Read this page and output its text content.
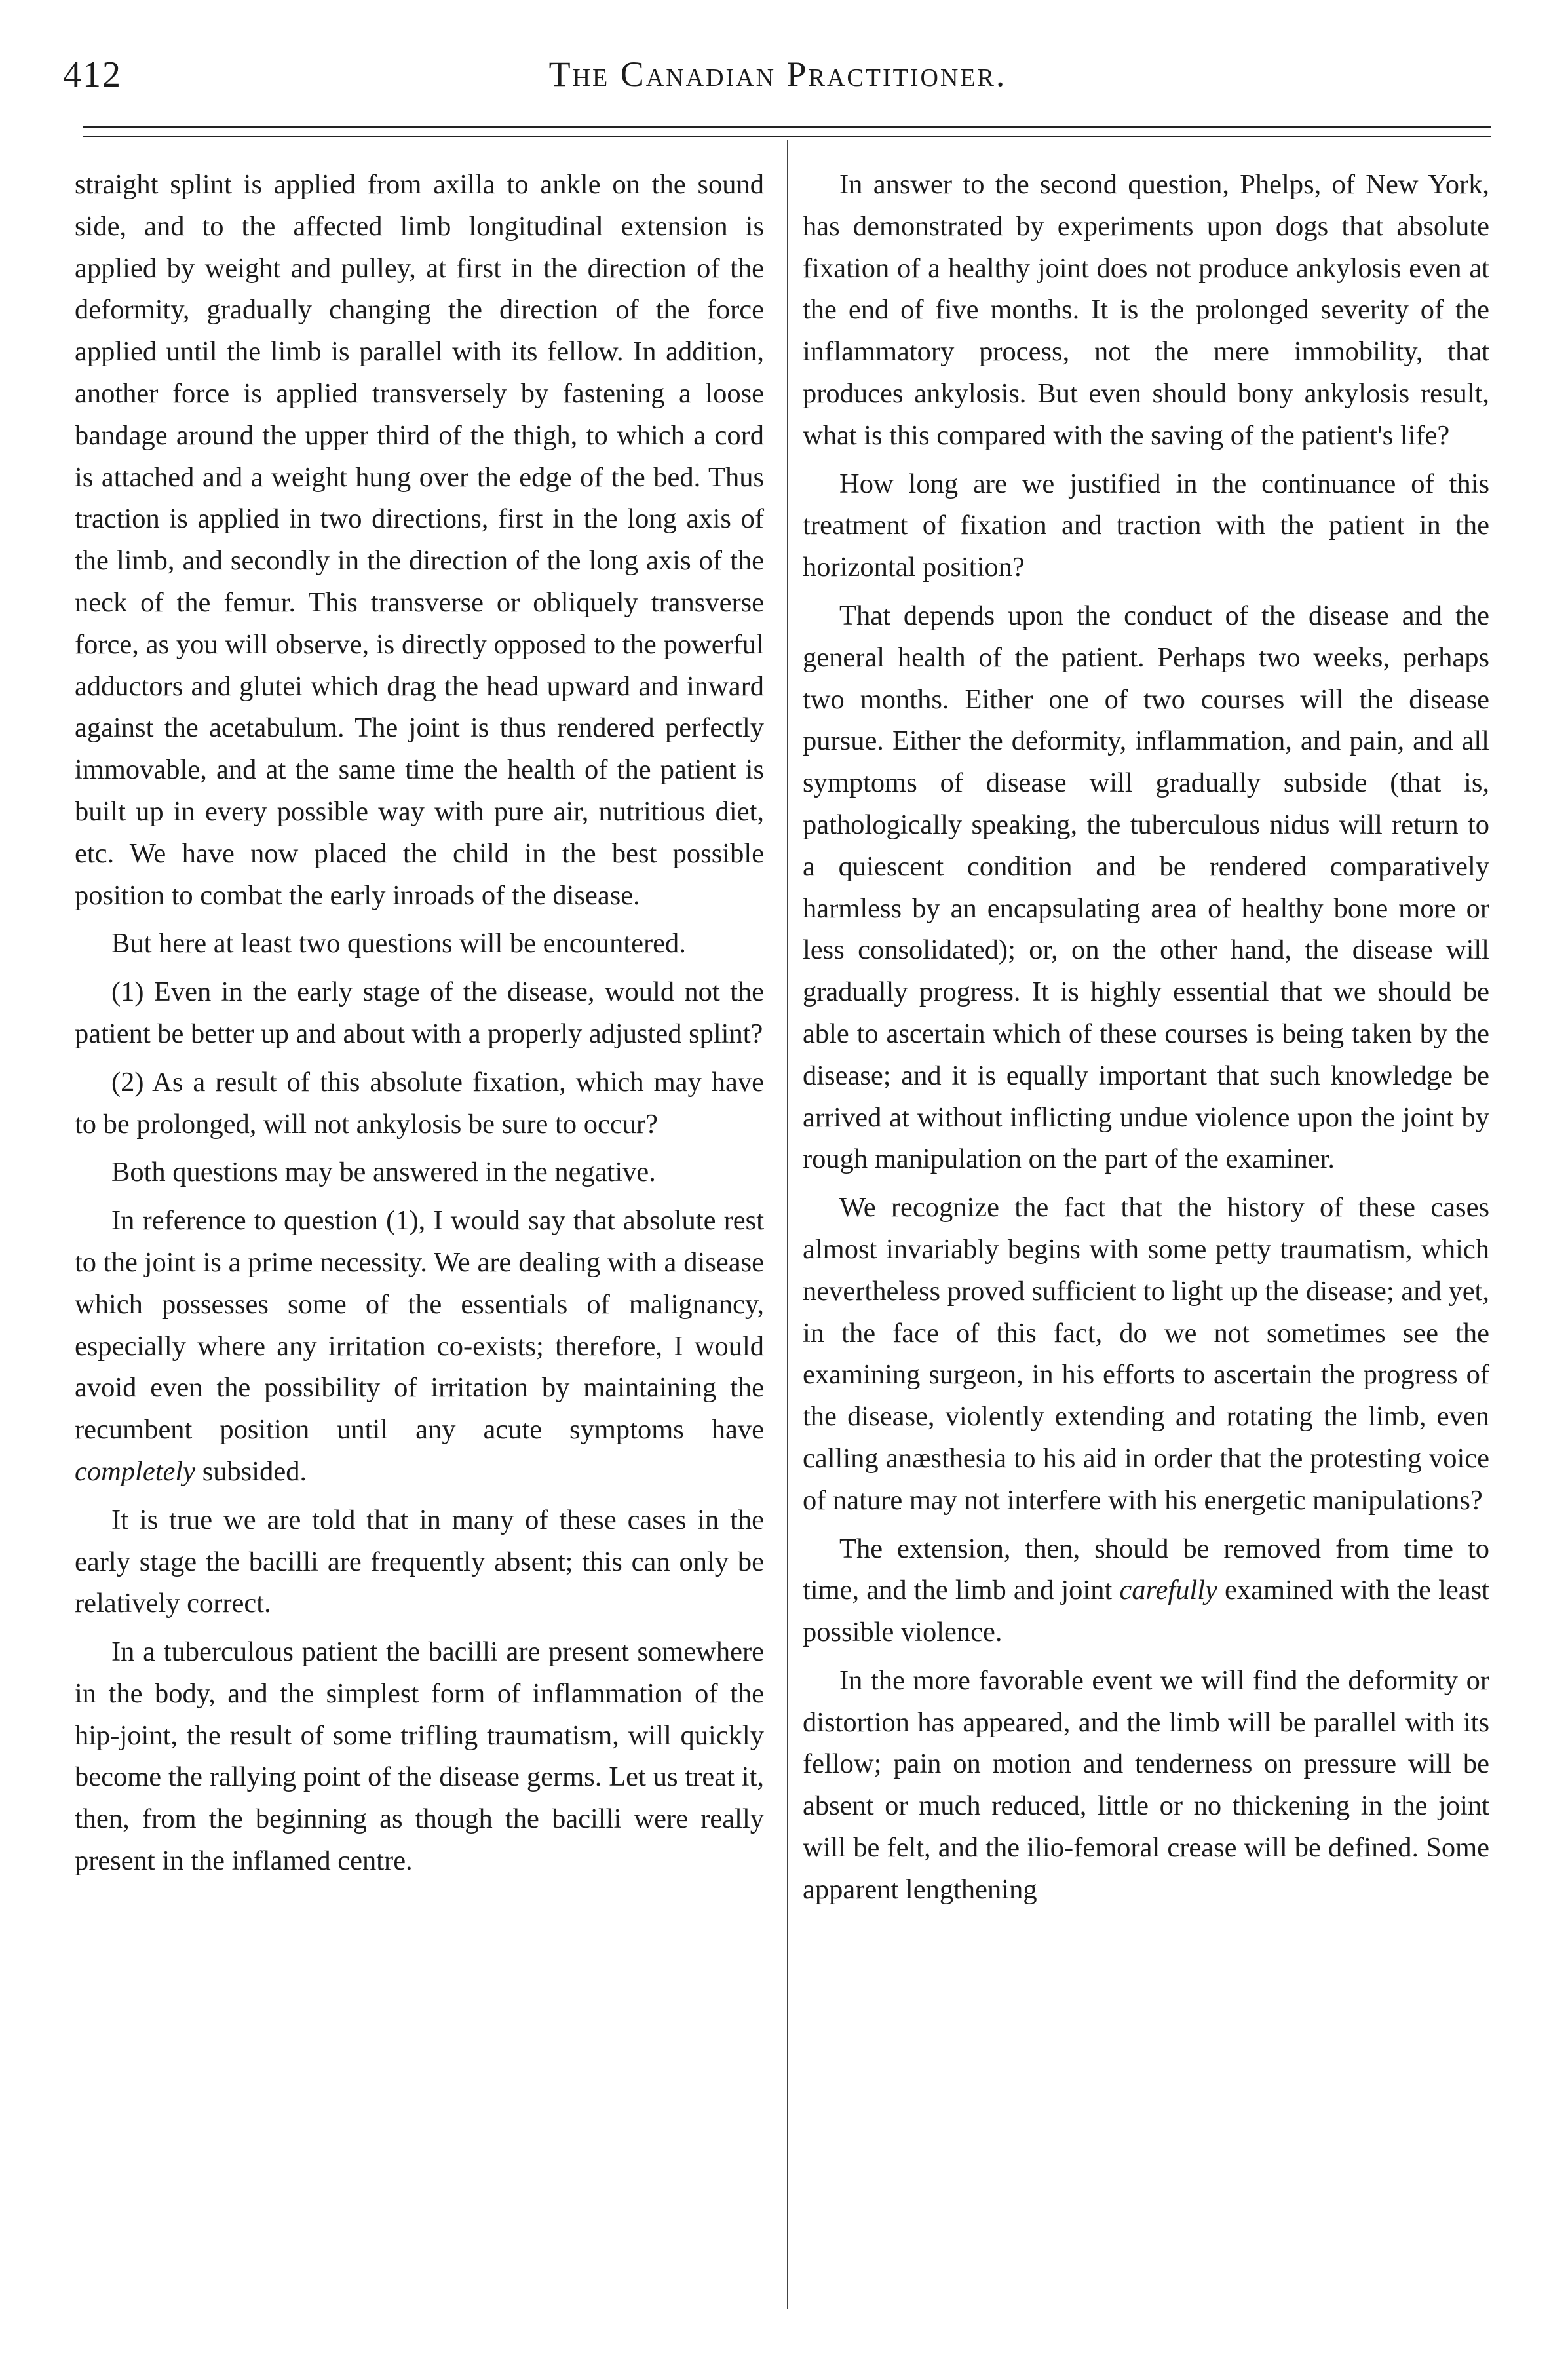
412	The Canadian Practitioner.

straight splint is applied from axilla to ankle on the sound side, and to the affected limb longitudinal extension is applied by weight and pulley, at first in the direction of the deformity, gradually changing the direction of the force applied until the limb is parallel with its fellow. In addition, another force is applied transversely by fastening a loose bandage around the upper third of the thigh, to which a cord is attached and a weight hung over the edge of the bed. Thus traction is applied in two directions, first in the long axis of the limb, and secondly in the direction of the long axis of the neck of the femur. This transverse or obliquely transverse force, as you will observe, is directly opposed to the powerful adductors and glutei which drag the head upward and inward against the acetabulum. The joint is thus rendered perfectly immovable, and at the same time the health of the patient is built up in every possible way with pure air, nutritious diet, etc. We have now placed the child in the best possible position to combat the early inroads of the disease.

But here at least two questions will be encountered.

(1) Even in the early stage of the disease, would not the patient be better up and about with a properly adjusted splint?

(2) As a result of this absolute fixation, which may have to be prolonged, will not ankylosis be sure to occur?

Both questions may be answered in the negative.

In reference to question (1), I would say that absolute rest to the joint is a prime necessity. We are dealing with a disease which possesses some of the essentials of malignancy, especially where any irritation co-exists; therefore, I would avoid even the possibility of irritation by maintaining the recumbent position until any acute symptoms have completely subsided.

It is true we are told that in many of these cases in the early stage the bacilli are frequently absent; this can only be relatively correct.

In a tuberculous patient the bacilli are present somewhere in the body, and the simplest form of inflammation of the hip-joint, the result of some trifling traumatism, will quickly become the rallying point of the disease germs. Let us treat it, then, from the beginning as though the bacilli were really present in the inflamed centre.

In answer to the second question, Phelps, of New York, has demonstrated by experiments upon dogs that absolute fixation of a healthy joint does not produce ankylosis even at the end of five months. It is the prolonged severity of the inflammatory process, not the mere immobility, that produces ankylosis. But even should bony ankylosis result, what is this compared with the saving of the patient's life?

How long are we justified in the continuance of this treatment of fixation and traction with the patient in the horizontal position?

That depends upon the conduct of the disease and the general health of the patient. Perhaps two weeks, perhaps two months. Either one of two courses will the disease pursue. Either the deformity, inflammation, and pain, and all symptoms of disease will gradually subside (that is, pathologically speaking, the tuberculous nidus will return to a quiescent condition and be rendered comparatively harmless by an encapsulating area of healthy bone more or less consolidated); or, on the other hand, the disease will gradually progress. It is highly essential that we should be able to ascertain which of these courses is being taken by the disease; and it is equally important that such knowledge be arrived at without inflicting undue violence upon the joint by rough manipulation on the part of the examiner.

We recognize the fact that the history of these cases almost invariably begins with some petty traumatism, which nevertheless proved sufficient to light up the disease; and yet, in the face of this fact, do we not sometimes see the examining surgeon, in his efforts to ascertain the progress of the disease, violently extending and rotating the limb, even calling anæsthesia to his aid in order that the protesting voice of nature may not interfere with his energetic manipulations?

The extension, then, should be removed from time to time, and the limb and joint carefully examined with the least possible violence.

In the more favorable event we will find the deformity or distortion has appeared, and the limb will be parallel with its fellow; pain on motion and tenderness on pressure will be absent or much reduced, little or no thickening in the joint will be felt, and the ilio-femoral crease will be defined. Some apparent lengthening
